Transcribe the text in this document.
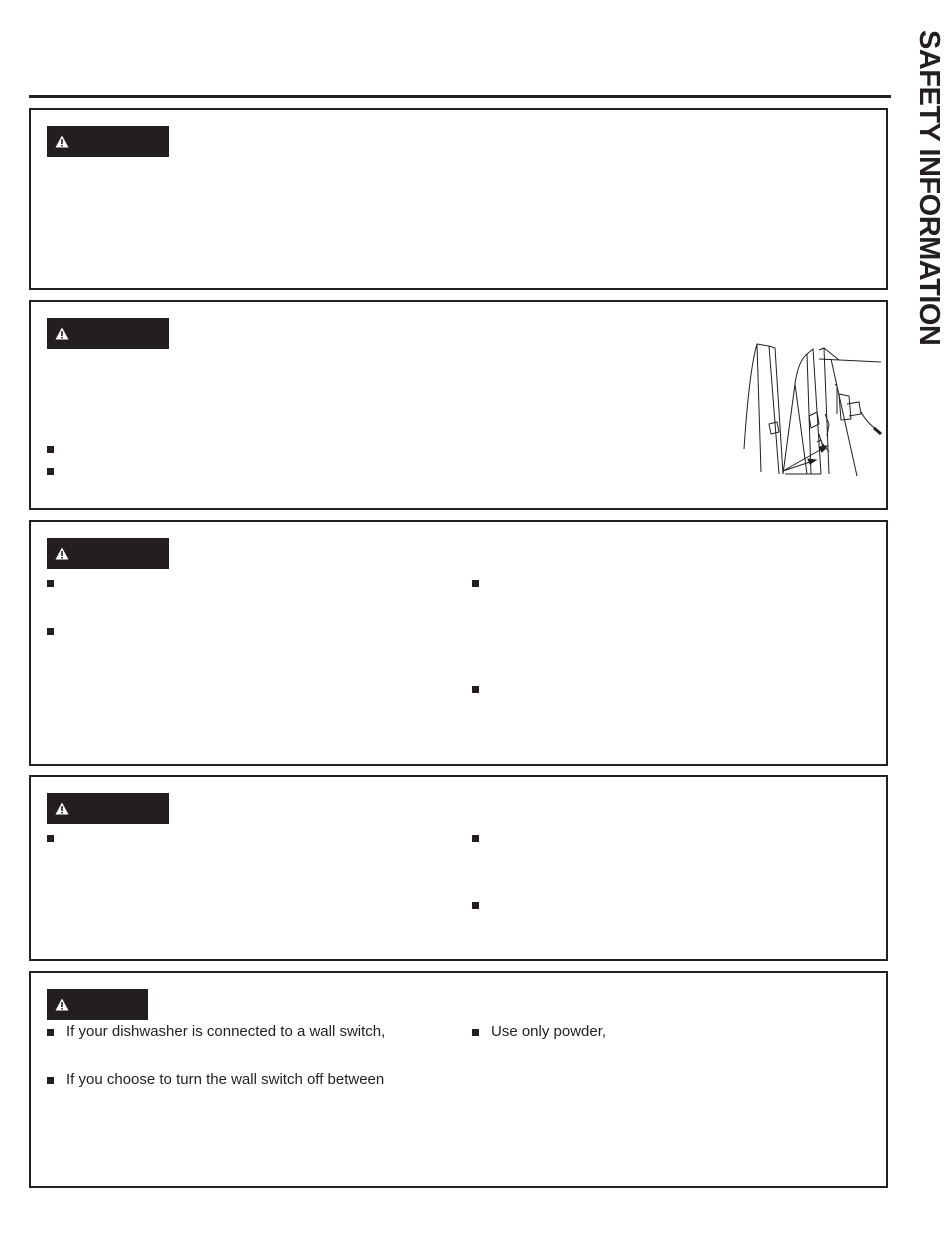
SAFETY INFORMATION
If your dishwasher is connected to a wall switch,
If you choose to turn the wall switch off between
Use only powder,
